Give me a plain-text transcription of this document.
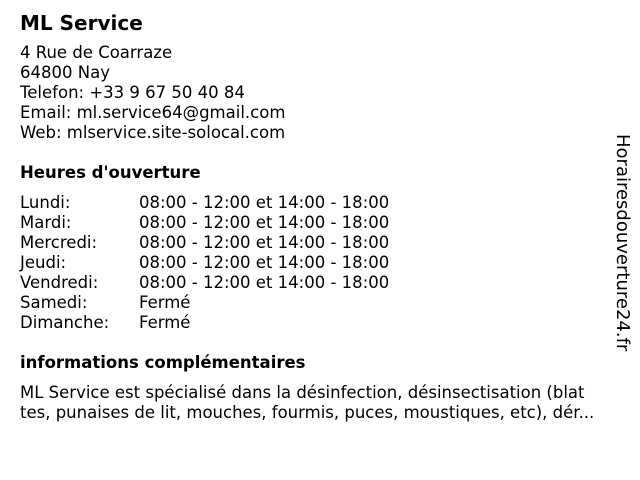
ML Service
4 Rue de Coarraze
64800 Nay
Telefon: +33 9 67 50 40 84
Email: ml.service64@gmail.com
Web: mlservice.site-solocal.com
Heures d'ouverture
Lundi:	08:00 - 12:00 et 14:00 - 18:00
Mardi:	08:00 - 12:00 et 14:00 - 18:00
Mercredi:	08:00 - 12:00 et 14:00 - 18:00
Jeudi:	08:00 - 12:00 et 14:00 - 18:00
Vendredi:	08:00 - 12:00 et 14:00 - 18:00
Samedi:	Fermé
Dimanche:	Fermé
informations complémentaires
ML Service est spécialisé dans la désinfection, désinsectisation (blat
tes, punaises de lit, mouches, fourmis, puces, moustiques, etc), dér...
Horairesdouverture24.fr
